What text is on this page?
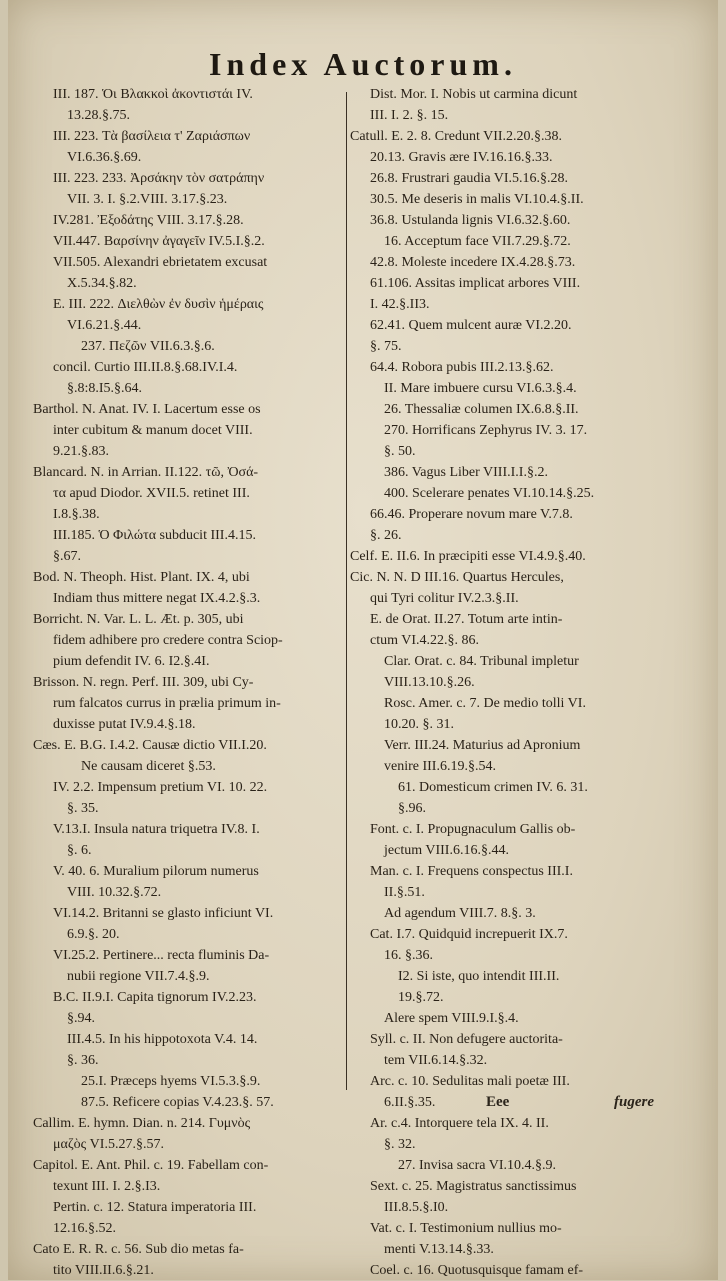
Index Auctorum.
III. 187. Ὁι Βλακκοὶ ἀκοντιστάι IV.
13.28.§.75.
III. 223. Τὰ βασίλεια τ' Ζαριάσπων
VI.6.36.§.69.
III. 223. 233. Ἀρσάκην τὸν σατράπην
VII. 3. I. §.2.VIII. 3.17.§.23.
IV.281. Ἐξοδάτης VIII. 3.17.§.28.
VII.447. Βαρσίνην ἀγαγεῖν IV.5.I.§.2.
VII.505. Alexandri ebrietatem excusat
X.5.34.§.82.
E. III. 222. Διελθὼν ἐν δυσὶν ἡμέραις
VI.6.21.§.44.
237. Πεζῶν VII.6.3.§.6.
concil. Curtio III.II.8.§.68.IV.I.4.
§.8:8.I5.§.64.
Barthol. N. Anat. IV. I. Lacertum esse os
inter cubitum & manum docet VIII.
9.21.§.83.
Blancard. N. in Arrian. II.122. τῶ, Ὀσά-
τα apud Diodor. XVII.5. retinet III.
I.8.§.38.
III.185. Ὁ Φιλώτα subducit III.4.15.
§.67.
Bod. N. Theoph. Hist. Plant. IX. 4, ubi
Indiam thus mittere negat IX.4.2.§.3.
Borricht. N. Var. L. L. Æt. p. 305, ubi
fidem adhibere pro credere contra Sciop-
pium defendit IV. 6. I2.§.4I.
Brisson. N. regn. Perf. III. 309, ubi Cy-
rum falcatos currus in prælia primum in-
duxisse putat IV.9.4.§.18.
Cæs. E. B.G. I.4.2. Causæ dictio VII.I.20.
Ne causam diceret §.53.
IV. 2.2. Impensum pretium VI. 10. 22.
§. 35.
V.13.I. Insula natura triquetra IV.8. I.
§. 6.
V. 40. 6. Muralium pilorum numerus
VIII. 10.32.§.72.
VI.14.2. Britanni se glasto inficiunt VI.
6.9.§. 20.
VI.25.2. Pertinere... recta fluminis Da-
nubii regione VII.7.4.§.9.
B.C. II.9.I. Capita tignorum IV.2.23.
§.94.
III.4.5. In his hippotoxota V.4. 14.
§. 36.
25.I. Præceps hyems VI.5.3.§.9.
87.5. Reficere copias V.4.23.§. 57.
Callim. E. hymn. Dian. n. 214. Γυμνὸς
μαζὸς VI.5.27.§.57.
Capitol. E. Ant. Phil. c. 19. Fabellam con-
texunt III. I. 2.§.I3.
Pertin. c. 12. Statura imperatoria III.
12.16.§.52.
Cato E. R. R. c. 56. Sub dio metas fa-
tito VIII.II.6.§.21.
Dist. Mor. I. Nobis ut carmina dicunt
III. I. 2. §. 15.
Catull. E. 2. 8. Credunt VII.2.20.§.38.
20.13. Gravis ære IV.16.16.§.33.
26.8. Frustrari gaudia VI.5.16.§.28.
30.5. Me deseris in malis VI.10.4.§.II.
36.8. Ustulanda lignis VI.6.32.§.60.
16. Acceptum face VII.7.29.§.72.
42.8. Moleste incedere IX.4.28.§.73.
61.106. Assitas implicat arbores VIII.
I. 42.§.II3.
62.41. Quem mulcent auræ VI.2.20.
§. 75.
64.4. Robora pubis III.2.13.§.62.
II. Mare imbuere cursu VI.6.3.§.4.
26. Thessaliæ columen IX.6.8.§.II.
270. Horrificans Zephyrus IV. 3. 17.
§. 50.
386. Vagus Liber VIII.I.I.§.2.
400. Scelerare penates VI.10.14.§.25.
66.46. Properare novum mare V.7.8.
§. 26.
Celf. E. II.6. In præcipiti esse VI.4.9.§.40.
Cic. N. N. D III.16. Quartus Hercules,
qui Tyri colitur IV.2.3.§.II.
E. de Orat. II.27. Totum arte intin-
ctum VI.4.22.§. 86.
Clar. Orat. c. 84. Tribunal impletur
VIII.13.10.§.26.
Rosc. Amer. c. 7. De medio tolli VI.
10.20. §. 31.
Verr. III.24. Maturius ad Apronium
venire III.6.19.§.54.
61. Domesticum crimen IV. 6. 31.
§.96.
Font. c. I. Propugnaculum Gallis ob-
jectum VIII.6.16.§.44.
Man. c. I. Frequens conspectus III.I.
II.§.51.
Ad agendum VIII.7. 8.§. 3.
Cat. I.7. Quidquid increpuerit IX.7.
16. §.36.
I2. Si iste, quo intendit III.II.
19.§.72.
Alere spem VIII.9.I.§.4.
Syll. c. II. Non defugere auctorita-
tem VII.6.14.§.32.
Arc. c. 10. Sedulitas mali poetæ III.
6.II.§.35.
Ar. c.4. Intorquere tela IX. 4. II.
§. 32.
27. Invisa sacra VI.10.4.§.9.
Sext. c. 25. Magistratus sanctissimus
III.8.5.§.I0.
Vat. c. I. Testimonium nullius mo-
menti V.13.14.§.33.
Coel. c. 16. Quotusquisque famam ef-
Eee	fugere
